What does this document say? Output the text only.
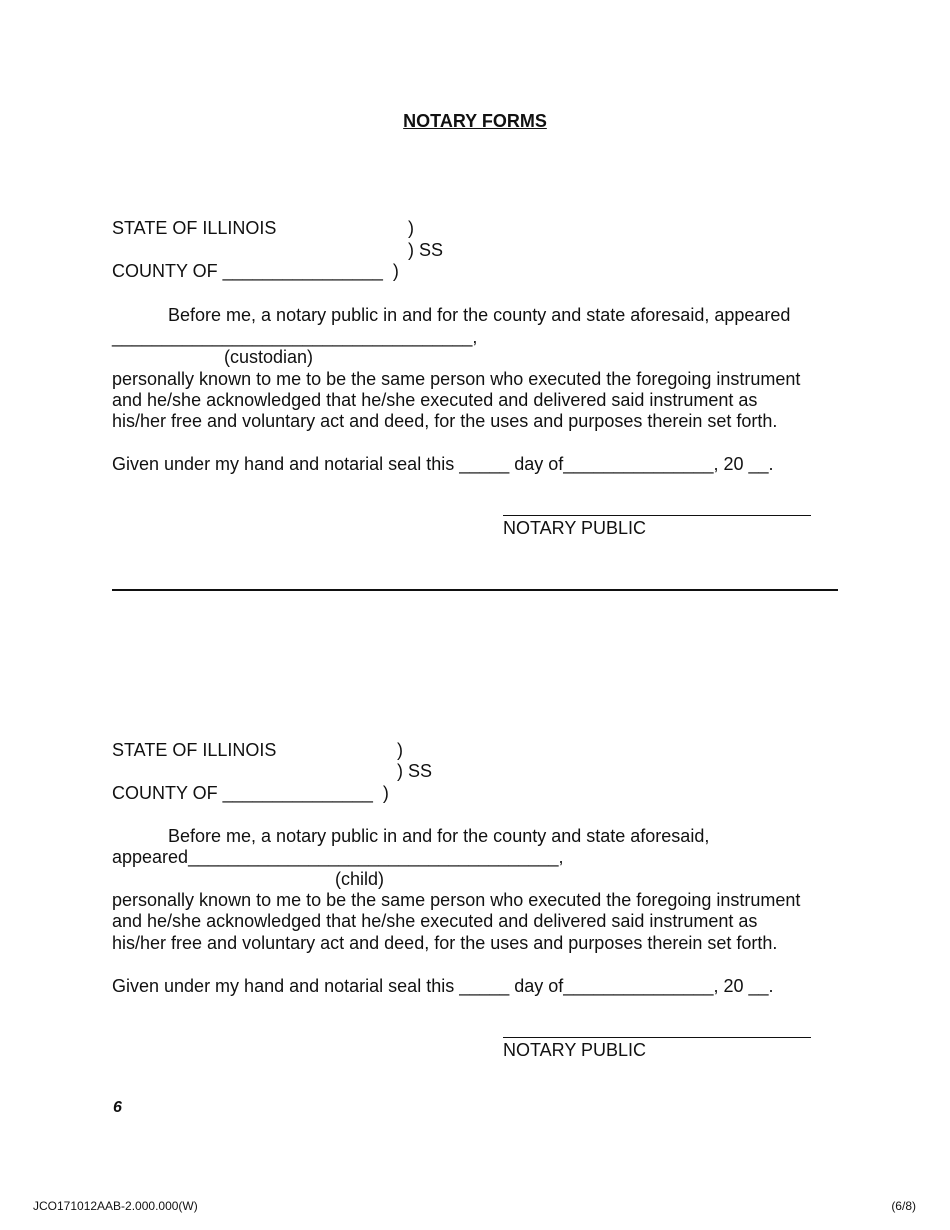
NOTARY FORMS
STATE OF ILLINOIS	)
) SS
COUNTY OF ________________  )
Before me, a notary public in and for the county and state aforesaid, appeared
____________________________________,
(custodian)
personally known to me to be the same person who executed the foregoing instrument
and he/she acknowledged that he/she executed and delivered said instrument as
his/her free and voluntary act and deed, for the uses and purposes therein set forth.
Given under my hand and notarial seal this _____ day of_______________, 20 __.
NOTARY PUBLIC
STATE OF ILLINOIS	)
) SS
COUNTY OF _______________  )
Before me, a notary public in and for the county and state aforesaid,
appeared_____________________________________,
(child)
personally known to me to be the same person who executed the foregoing instrument
and he/she acknowledged that he/she executed and delivered said instrument as
his/her free and voluntary act and deed, for the uses and purposes therein set forth.
Given under my hand and notarial seal this _____ day of_______________, 20 __.
NOTARY PUBLIC
6
JCO171012AAB-2.000.000(W)	(6/8)
